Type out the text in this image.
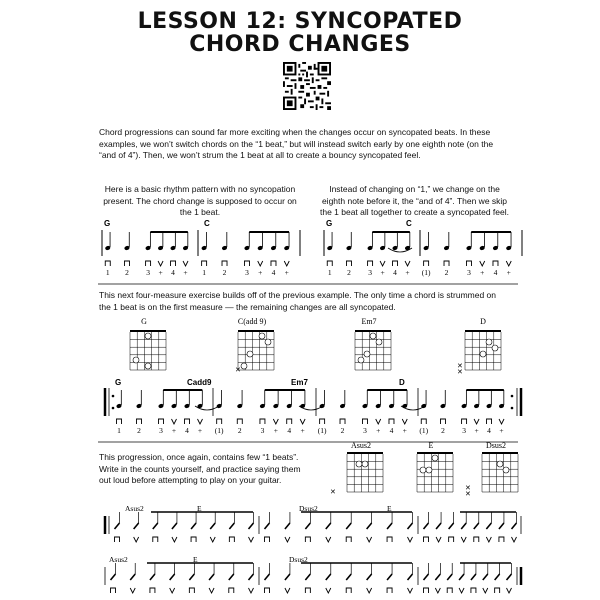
LESSON 12: SYNCOPATED
CHORD CHANGES
Chord progressions can sound far more exciting when the changes occur on syncopated beats. In these
examples, we won’t switch chords on the “1 beat,” but will instead switch early by one eighth note (on the
“and of 4”). Then, we won’t strum the 1 beat at all to create a bouncy syncopated feel.
Here is a basic rhythm pattern with no syncopation
present. The chord change is supposed to occur on
the 1 beat.
Instead of changing on “1,” we change on the
eighth note before it, the “and of 4”. Then we skip
the 1 beat all together to create a syncopated feel.
G	C
1 2 3 + 4 + 1 2 3 + 4 +
G	C
1 2 3 + 4 + (1) 2 3 + 4 +
This next four-measure exercise builds off of the previous example. The only time a chord is strummed on
the 1 beat is on the first measure — the remaining changes are all syncopated.
G	C(add 9)
✕
Em7	D
✕
✕
G	Cadd9	Em7	D
1 2 3 + 4 + (1) 2	3 + 4 + (1) 2 3 + 4 + (1) 2 3 + 4 +
This progression, once again, contains few “1 beats”.
Write in the counts yourself, and practice saying them
out loud before attempting to play on your guitar.
Asus2
✕
E	Dsus2
✕
✕
Asus2	E	Dsus2	E
Asus2	E	Dsus2
